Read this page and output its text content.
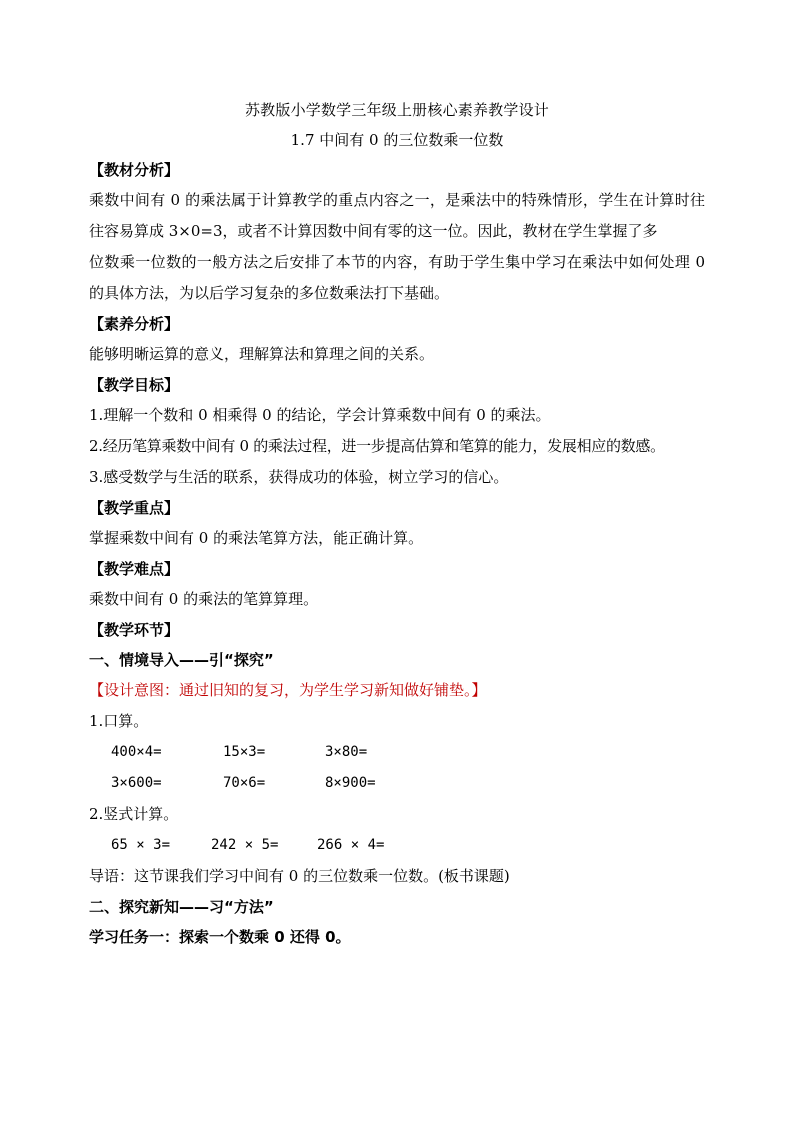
苏教版小学数学三年级上册核心素养教学设计
1.7 中间有 0 的三位数乘一位数
【教材分析】
乘数中间有 0 的乘法属于计算教学的重点内容之一，是乘法中的特殊情形，学生在计算时往往容易算成 3×0=3，或者不计算因数中间有零的这一位。因此，教材在学生掌握了多
位数乘一位数的一般方法之后安排了本节的内容，有助于学生集中学习在乘法中如何处理 0 的具体方法，为以后学习复杂的多位数乘法打下基础。
【素养分析】
能够明晰运算的意义，理解算法和算理之间的关系。
【教学目标】
1.理解一个数和 0 相乘得 0 的结论，学会计算乘数中间有 0 的乘法。
2.经历笔算乘数中间有 0 的乘法过程，进一步提高估算和笔算的能力，发展相应的数感。
3.感受数学与生活的联系，获得成功的体验，树立学习的信心。
【教学重点】
掌握乘数中间有 0 的乘法笔算方法，能正确计算。
【教学难点】
乘数中间有 0 的乘法的笔算算理。
【教学环节】
一、情境导入——引“探究”
【设计意图：通过旧知的复习，为学生学习新知做好铺垫。】
1.口算。
400×4=	15×3=	3×80=
3×600=	70×6=	8×900=
2.竖式计算。
65 × 3=	242 × 5=	266 × 4=
导语：这节课我们学习中间有 0 的三位数乘一位数。(板书课题)
二、探究新知——习“方法”
学习任务一：探索一个数乘 0 还得 0。
